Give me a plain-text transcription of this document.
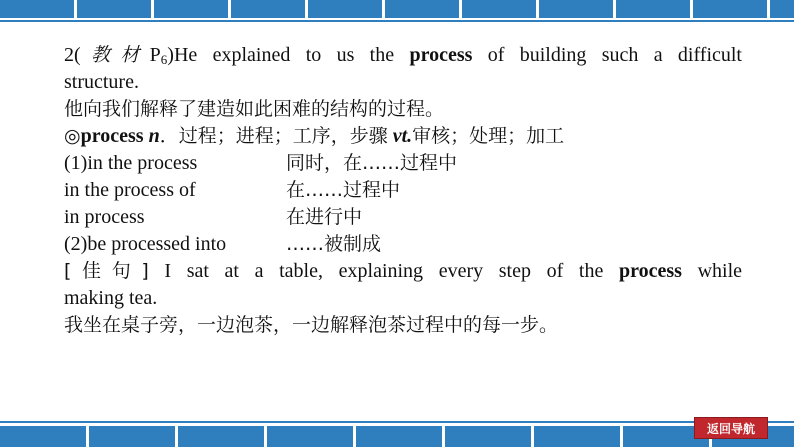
2(教材$P_6)He$ explained to us the process of building such a difficult
structure.
他向我们解释了建造如此困难的结构的过程。
◎process n．过程；进程；工序，步骤 vt.审核；处理；加工
(1)in the process	同时，在……过程中
in the process of	在……过程中
in process	在进行中
(2)be processed into	……被制成
[佳句] I sat at a table, explaining every step of the process while
making tea.
我坐在桌子旁，一边泡茶，一边解释泡茶过程中的每一步。
返回导航
